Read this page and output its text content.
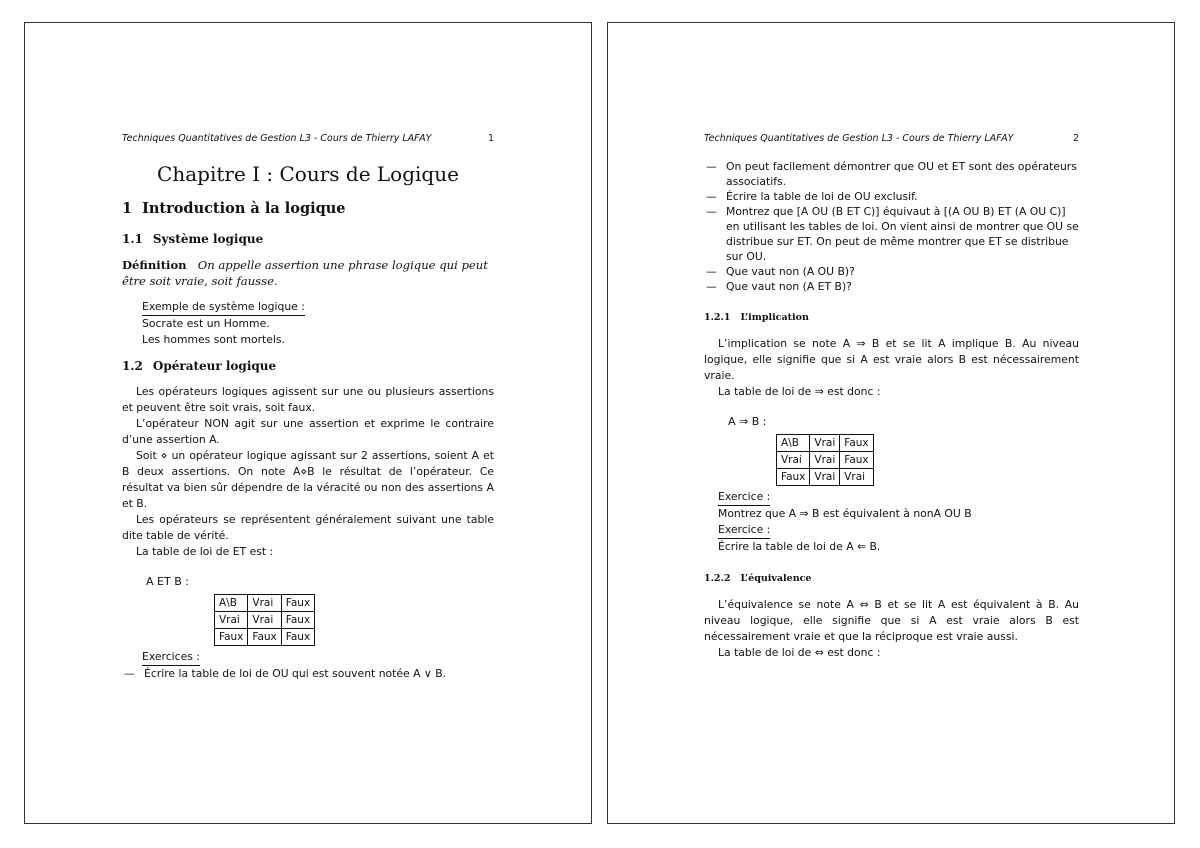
Techniques Quantitatives de Gestion L3 - Cours de Thierry LAFAY	1
Chapitre I : Cours de Logique
1 Introduction à la logique
1.1 Système logique

Définition On appelle assertion une phrase logique qui peut
être soit vraie, soit fausse.

Exemple de système logique :
Socrate est un Homme.
Les hommes sont mortels.
1.2 Opérateur logique

Les opérateurs logiques agissent sur une ou plusieurs assertions et peuvent être soit vrais, soit faux.

L’opérateur NON agit sur une assertion et exprime le contraire d’une assertion A.

Soit ⋄ un opérateur logique agissant sur 2 assertions, soient A et B deux assertions. On note A⋄B le résultat de l’opérateur. Ce résultat va bien sûr dépendre de la véracité ou non des assertions A et B.

Les opérateurs se représentent généralement suivant une table dite table de vérité.

La table de loi de ET est :

A ET B :
A\B	Vrai	Faux
Vrai	Vrai	Faux
Faux	Faux	Faux
Exercices :
— Écrire la table de loi de OU qui est souvent notée A ∨ B.
Techniques Quantitatives de Gestion L3 - Cours de Thierry LAFAY	2
— On peut facilement démontrer que OU et ET sont des opérateurs associatifs.
— Écrire la table de loi de OU exclusif.
— Montrez que [A OU (B ET C)] équivaut à [(A OU B) ET (A OU C)] en utilisant les tables de loi. On vient ainsi de montrer que OU se distribue sur ET. On peut de même montrer que ET se distribue sur OU.
— Que vaut non (A OU B)?
— Que vaut non (A ET B)?
1.2.1 L’implication

L’implication se note A ⇒ B et se lit A implique B. Au niveau logique, elle signifie que si A est vraie alors B est nécessairement vraie.

La table de loi de ⇒ est donc :

A ⇒ B :
A\B	Vrai	Faux
Vrai	Vrai	Faux
Faux	Vrai	Vrai
Exercice :
Montrez que A ⇒ B est équivalent à nonA OU B
Exercice :
Écrire la table de loi de A ⇐ B.
1.2.2 L’équivalence

L’équivalence se note A ⇔ B et se lit A est équivalent à B. Au niveau logique, elle signifie que si A est vraie alors B est nécessairement vraie et que la réciproque est vraie aussi.

La table de loi de ⇔ est donc :
